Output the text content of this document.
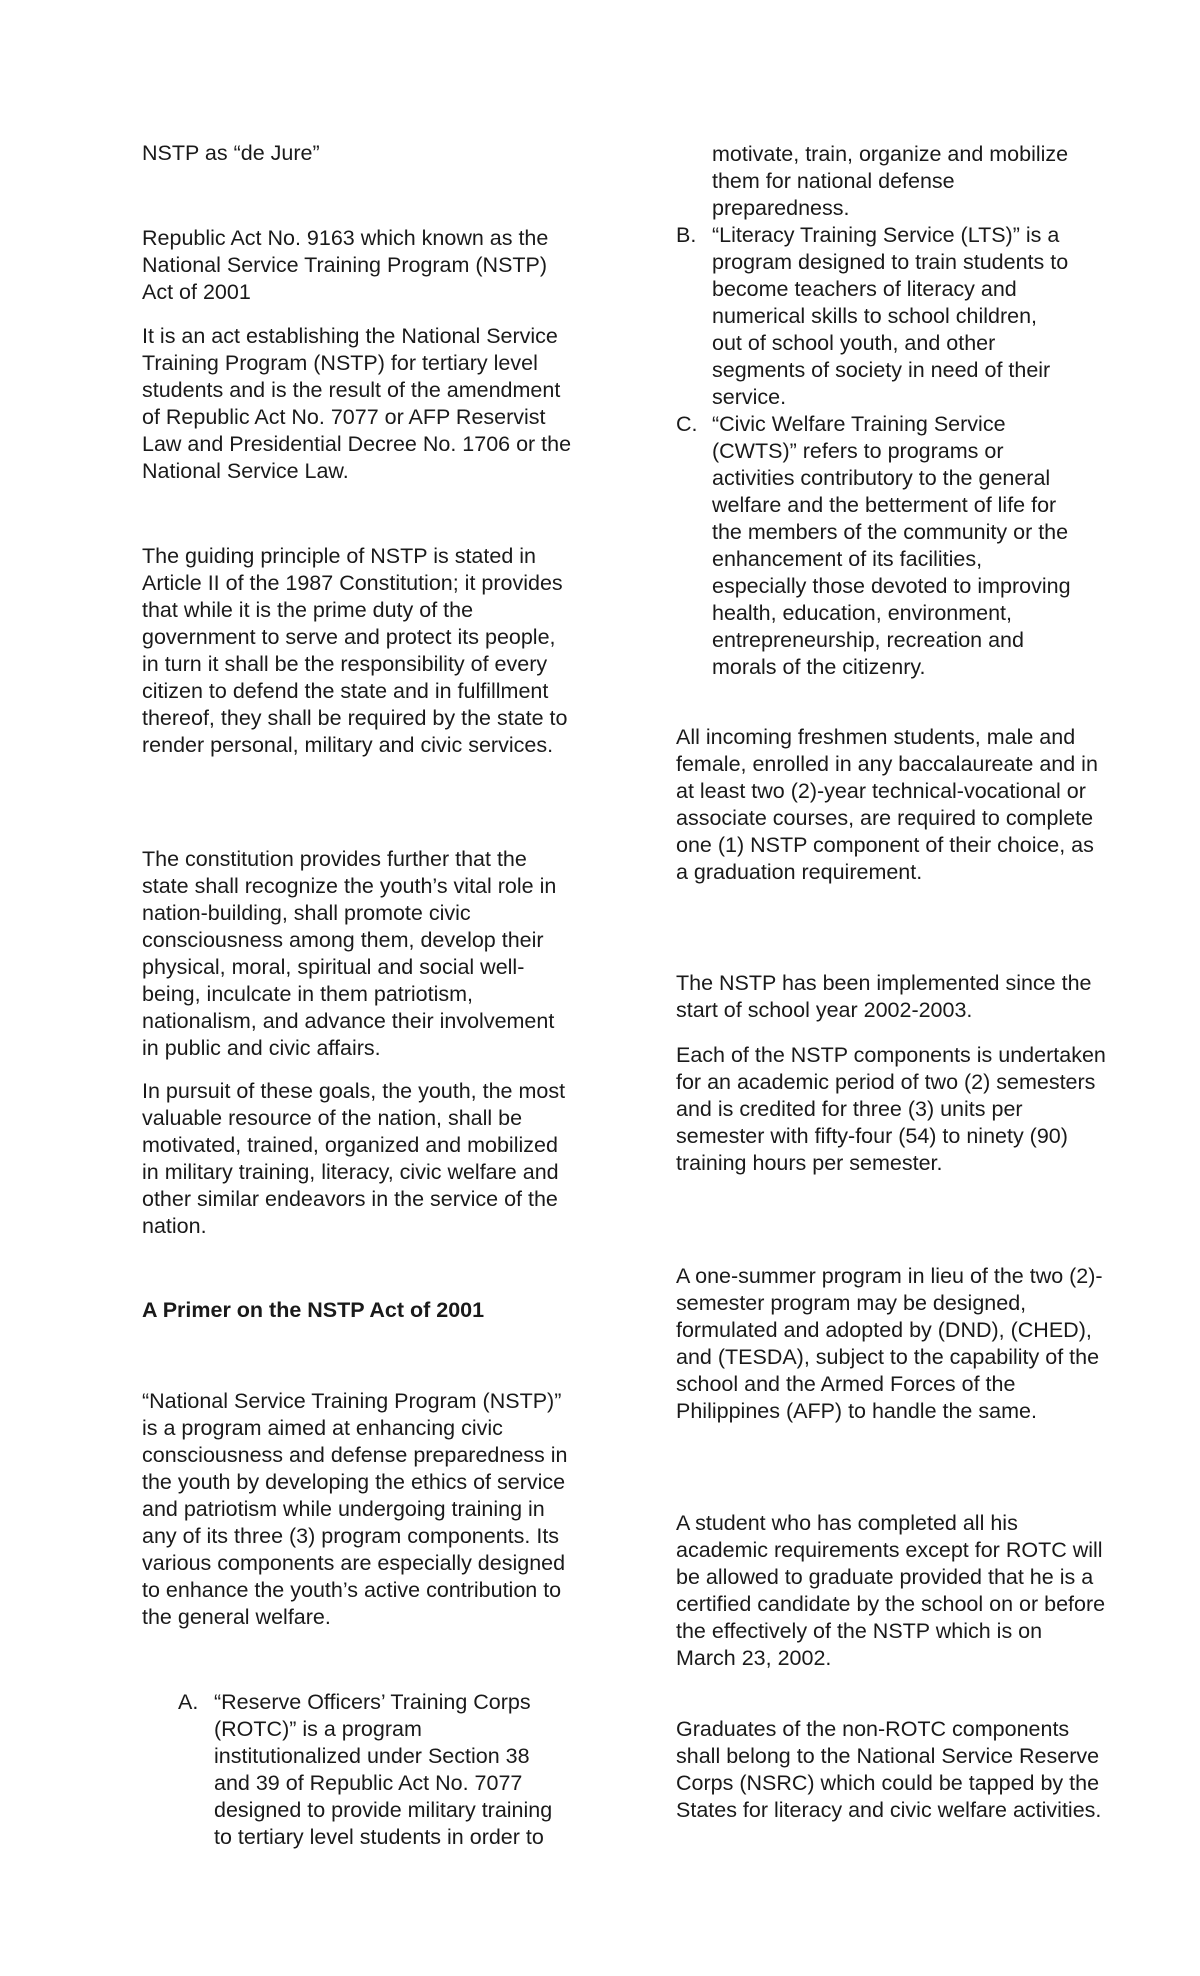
NSTP as “de Jure”

Republic Act No. 9163 which known as the National Service Training Program (NSTP) Act of 2001

It is an act establishing the National Service Training Program (NSTP) for tertiary level students and is the result of the amendment of Republic Act No. 7077 or AFP Reservist Law and Presidential Decree No. 1706 or the National Service Law.

The guiding principle of NSTP is stated in Article II of the 1987 Constitution; it provides that while it is the prime duty of the government to serve and protect its people, in turn it shall be the responsibility of every citizen to defend the state and in fulfillment thereof, they shall be required by the state to render personal, military and civic services.

The constitution provides further that the state shall recognize the youth’s vital role in nation-building, shall promote civic consciousness among them, develop their physical, moral, spiritual and social well-being, inculcate in them patriotism, nationalism, and advance their involvement in public and civic affairs.

In pursuit of these goals, the youth, the most valuable resource of the nation, shall be motivated, trained, organized and mobilized in military training, literacy, civic welfare and other similar endeavors in the service of the nation.

A Primer on the NSTP Act of 2001

“National Service Training Program (NSTP)” is a program aimed at enhancing civic consciousness and defense preparedness in the youth by developing the ethics of service and patriotism while undergoing training in any of its three (3) program components. Its various components are especially designed to enhance the youth’s active contribution to the general welfare.

A. “Reserve Officers’ Training Corps (ROTC)” is a program institutionalized under Section 38 and 39 of Republic Act No. 7077 designed to provide military training to tertiary level students in order to

motivate, train, organize and mobilize them for national defense preparedness.

B. “Literacy Training Service (LTS)” is a program designed to train students to become teachers of literacy and numerical skills to school children, out of school youth, and other segments of society in need of their service.

C. “Civic Welfare Training Service (CWTS)” refers to programs or activities contributory to the general welfare and the betterment of life for the members of the community or the enhancement of its facilities, especially those devoted to improving health, education, environment, entrepreneurship, recreation and morals of the citizenry.

All incoming freshmen students, male and female, enrolled in any baccalaureate and in at least two (2)-year technical-vocational or associate courses, are required to complete one (1) NSTP component of their choice, as a graduation requirement.

The NSTP has been implemented since the start of school year 2002-2003.

Each of the NSTP components is undertaken for an academic period of two (2) semesters and is credited for three (3) units per semester with fifty-four (54) to ninety (90) training hours per semester.

A one-summer program in lieu of the two (2)-semester program may be designed, formulated and adopted by (DND), (CHED), and (TESDA), subject to the capability of the school and the Armed Forces of the Philippines (AFP) to handle the same.

A student who has completed all his academic requirements except for ROTC will be allowed to graduate provided that he is a certified candidate by the school on or before the effectively of the NSTP which is on March 23, 2002.

Graduates of the non-ROTC components shall belong to the National Service Reserve Corps (NSRC) which could be tapped by the States for literacy and civic welfare activities.
